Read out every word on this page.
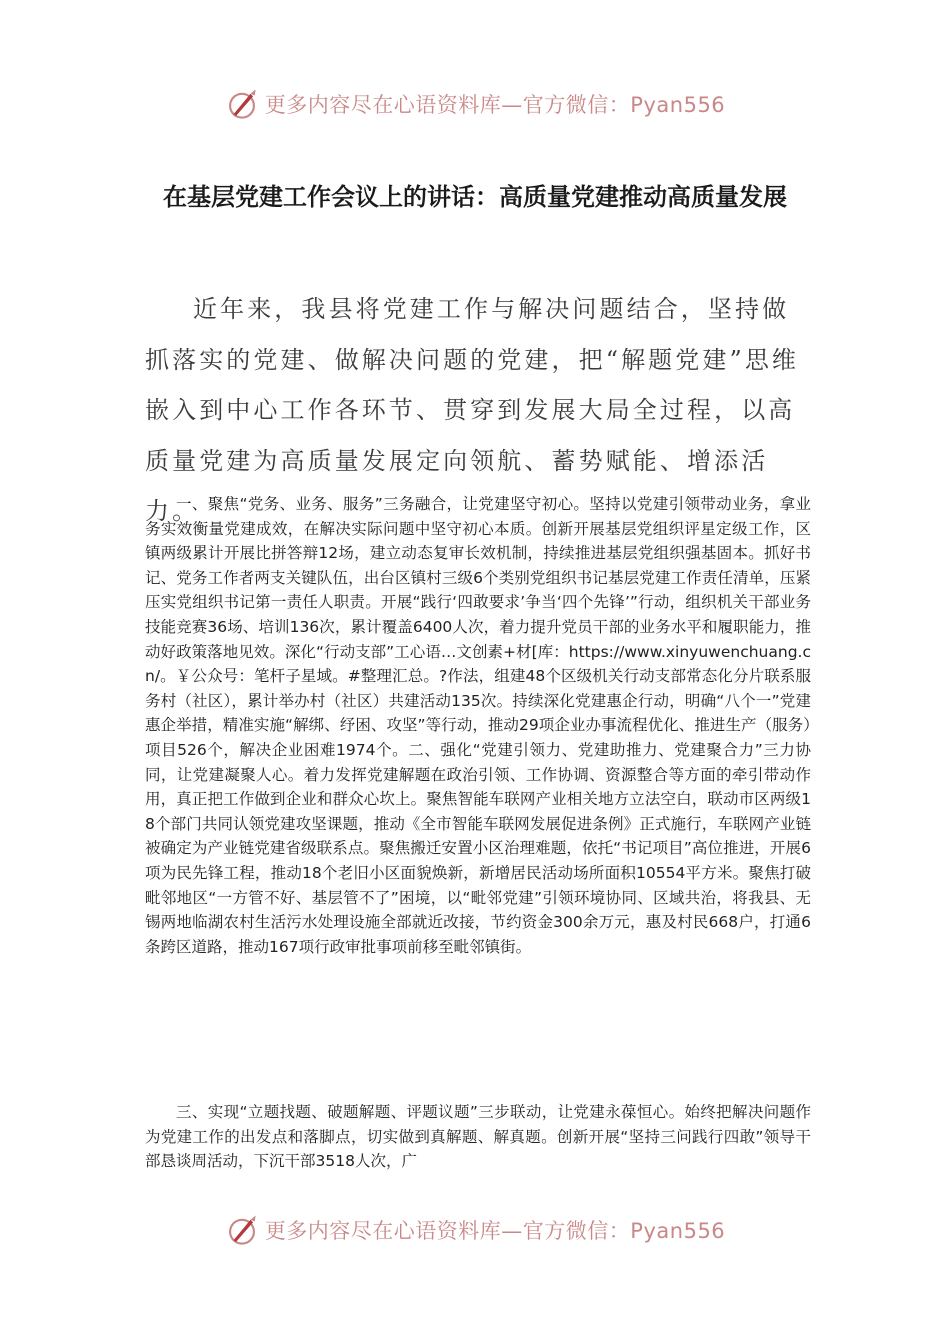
更多内容尽在心语资料库—官方微信：Pyan556
在基层党建工作会议上的讲话：高质量党建推动高质量发展

近年来，我县将党建工作与解决问题结合，坚持做抓落实的党建、做解决问题的党建，把“解题党建”思维嵌入到中心工作各环节、贯穿到发展大局全过程，以高质量党建为高质量发展定向领航、蓄势赋能、增添活力。

一、聚焦“党务、业务、服务”三务融合，让党建坚守初心。坚持以党建引领带动业务，拿业务实效衡量党建成效，在解决实际问题中坚守初心本质。创新开展基层党组织评星定级工作，区镇两级累计开展比拼答辩12场，建立动态复审长效机制，持续推进基层党组织强基固本。抓好书记、党务工作者两支关键队伍，出台区镇村三级6个类别党组织书记基层党建工作责任清单，压紧压实党组织书记第一责任人职责。开展“践行‘四敢要求’争当‘四个先锋’”行动，组织机关干部业务技能竞赛36场、培训136次，累计覆盖6400人次，着力提升党员干部的业务水平和履职能力，推动好政策落地见效。深化“行动支部”工心语…文创素+材[库：https://www.xinyuwenchuang.cn/。￥公众号：笔杆子星域。#整理汇总。?作法，组建48个区级机关行动支部常态化分片联系服务村（社区），累计举办村（社区）共建活动135次。持续深化党建惠企行动，明确“八个一”党建惠企举措，精准实施“解绑、纾困、攻坚”等行动，推动29项企业办事流程优化、推进生产（服务）项目526个，解决企业困难1974个。二、强化“党建引领力、党建助推力、党建聚合力”三力协同，让党建凝聚人心。着力发挥党建解题在政治引领、工作协调、资源整合等方面的牵引带动作用，真正把工作做到企业和群众心坎上。聚焦智能车联网产业相关地方立法空白，联动市区两级18个部门共同认领党建攻坚课题，推动《全市智能车联网发展促进条例》正式施行，车联网产业链被确定为产业链党建省级联系点。聚焦搬迁安置小区治理难题，依托“书记项目”高位推进，开展6项为民先锋工程，推动18个老旧小区面貌焕新，新增居民活动场所面积10554平方米。聚焦打破毗邻地区“一方管不好、基层管不了”困境，以“毗邻党建”引领环境协同、区域共治，将我县、无锡两地临湖农村生活污水处理设施全部就近改接，节约资金300余万元，惠及村民668户，打通6条跨区道路，推动167项行政审批事项前移至毗邻镇街。

三、实现“立题找题、破题解题、评题议题”三步联动，让党建永葆恒心。始终把解决问题作为党建工作的出发点和落脚点，切实做到真解题、解真题。创新开展“坚持三问践行四敢”领导干部恳谈周活动，下沉干部3518人次，广

更多内容尽在心语资料库—官方微信：Pyan556
